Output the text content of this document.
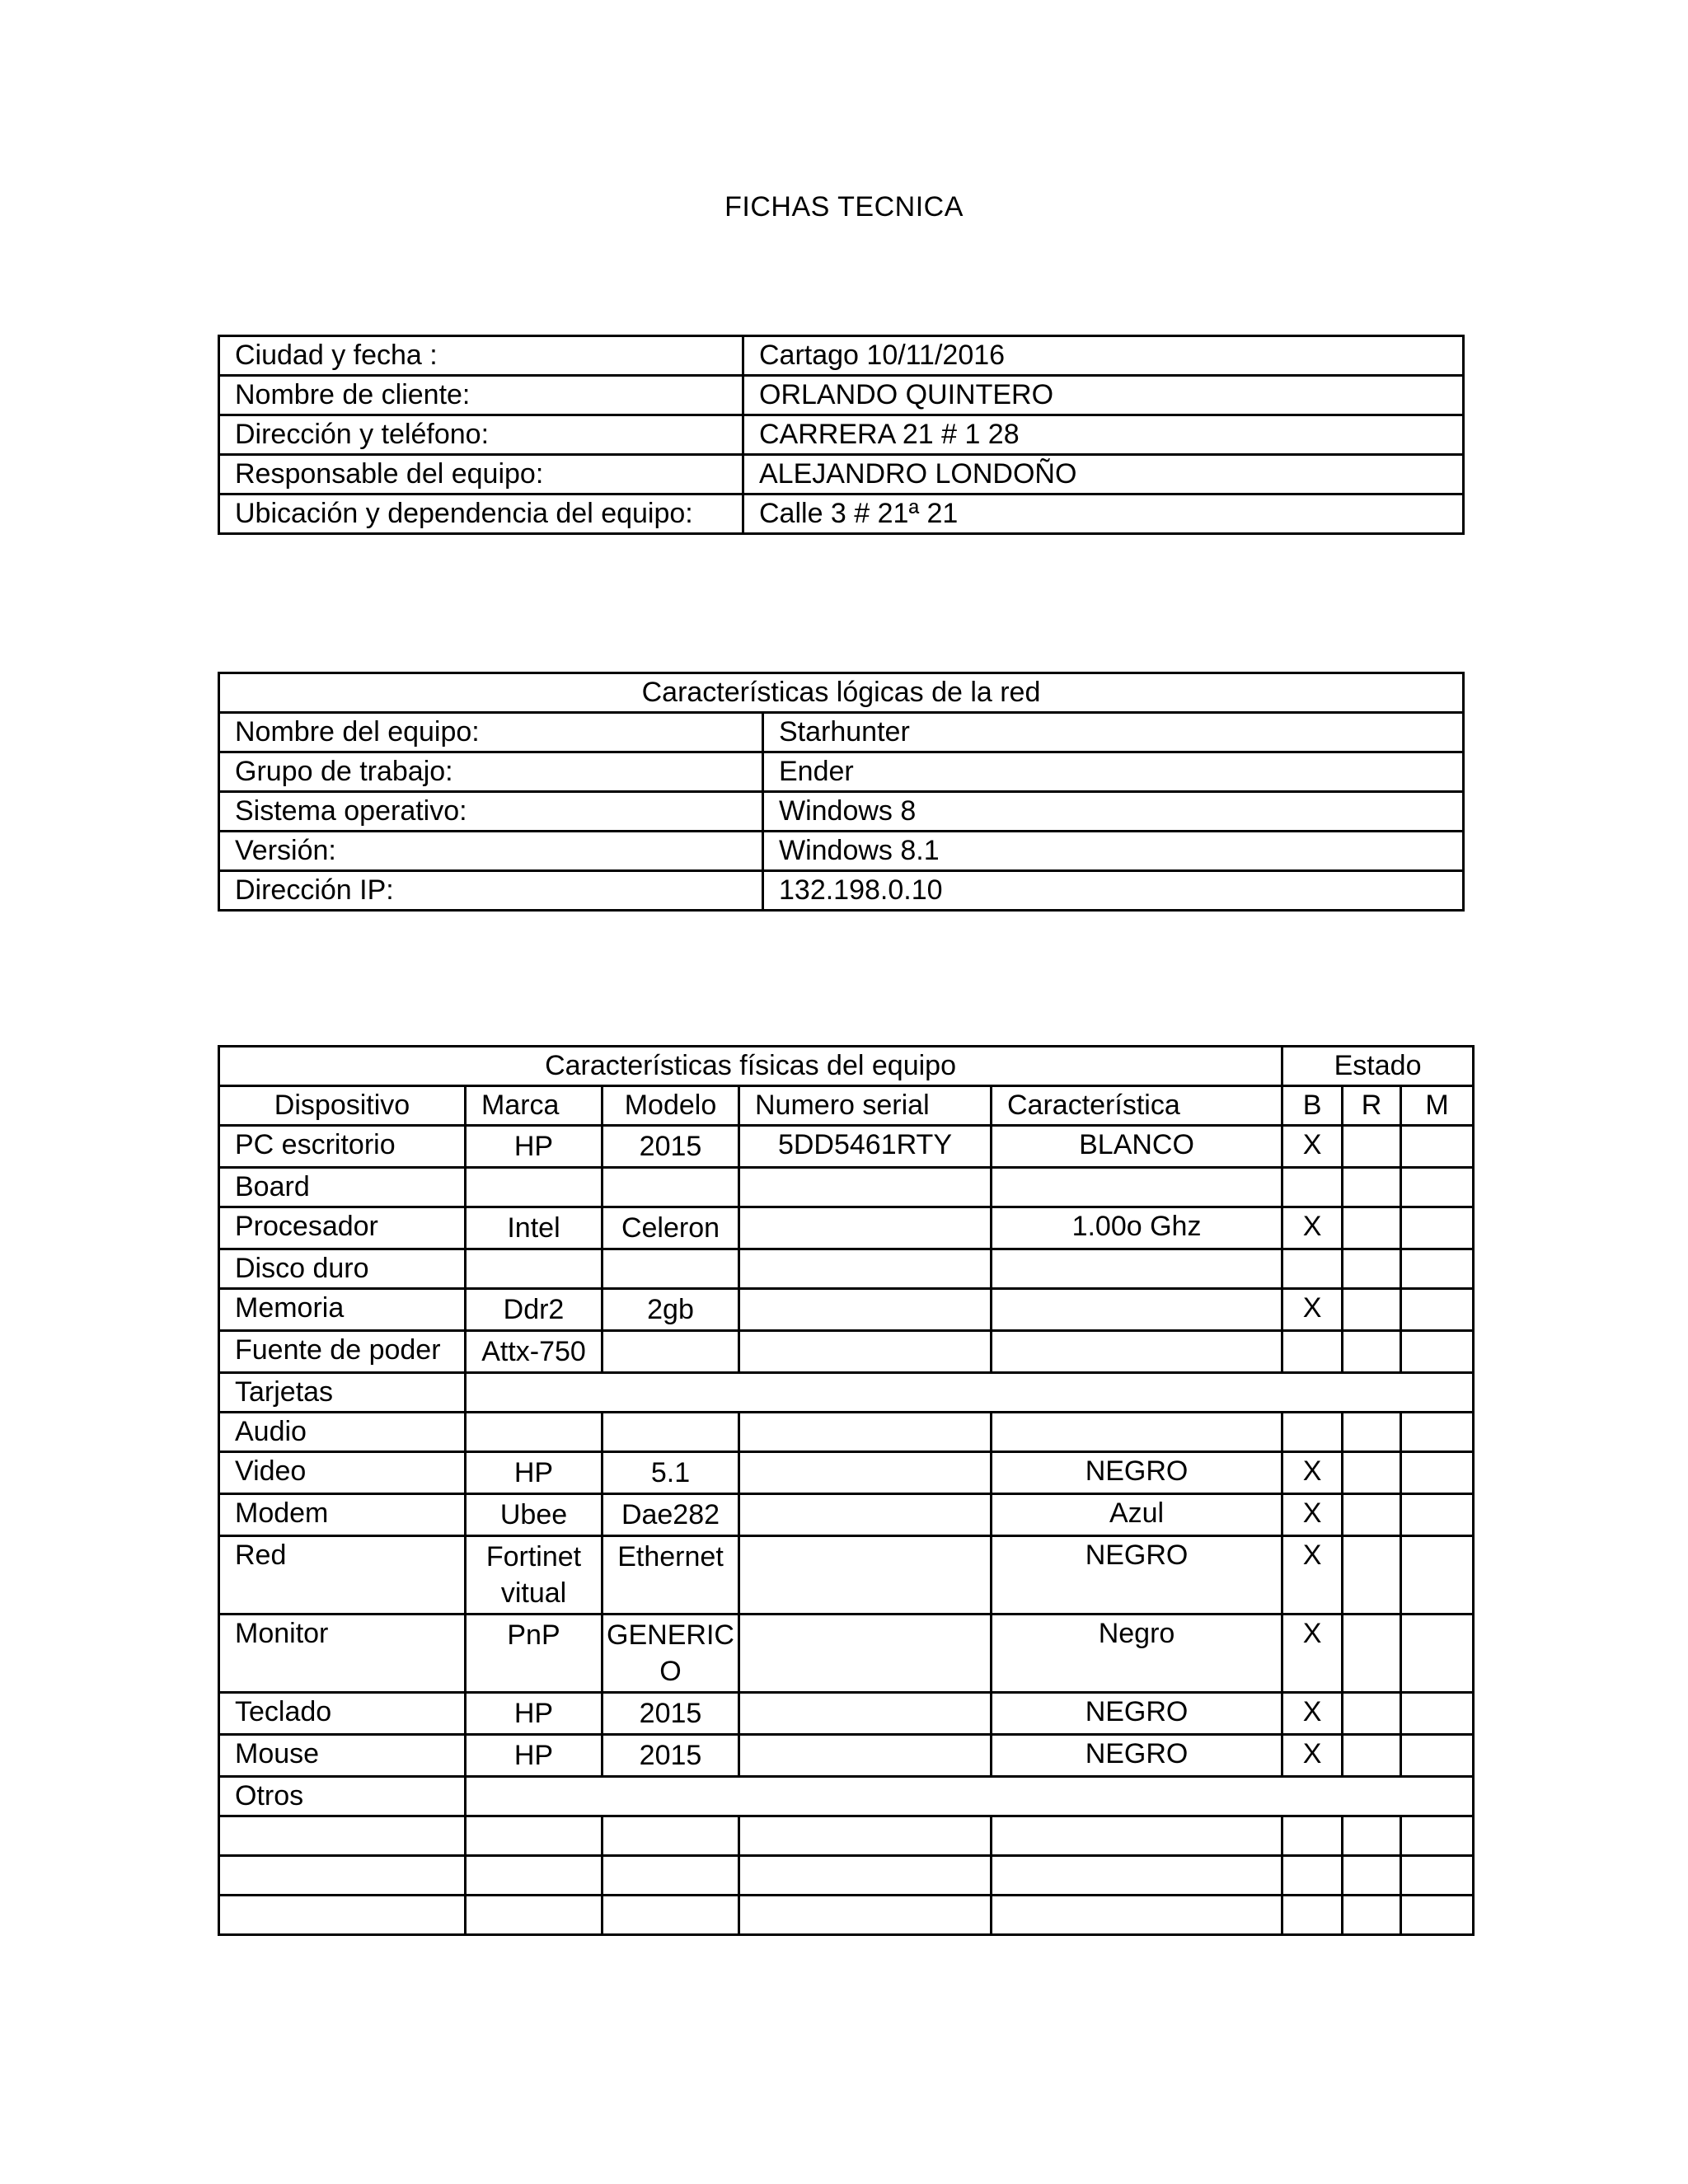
FICHAS TECNICA
Ciudad y fecha :	Cartago 10/11/2016
Nombre de cliente:	ORLANDO QUINTERO
Dirección y teléfono:	CARRERA 21 # 1 28
Responsable del equipo:	ALEJANDRO LONDOÑO
Ubicación y dependencia del equipo:	Calle 3 # 21ª 21
Características lógicas de la red	
Nombre del equipo:	Starhunter
Grupo de trabajo:	Ender
Sistema operativo:	Windows 8
Versión:	Windows 8.1
Dirección IP:	132.198.0.10
Características físicas del equipo					Estado		
Dispositivo	Marca	Modelo	Numero serial	Característica	B	R	M
PC escritorio	HP	2015	5DD5461RTY	BLANCO	X		
Board							
Procesador	Intel	Celeron		1.00o Ghz	X		
Disco duro							
Memoria	Ddr2	2gb			X		
Fuente de poder	Attx-750						
Tarjetas							
Audio							
Video	HP	5.1		NEGRO	X		
Modem	Ubee	Dae282		Azul	X		
Red	Fortinet vitual	Ethernet		NEGRO	X		
Monitor	PnP	GENERIC O		Negro	X		
Teclado	HP	2015		NEGRO	X		
Mouse	HP	2015		NEGRO	X		
Otros							
